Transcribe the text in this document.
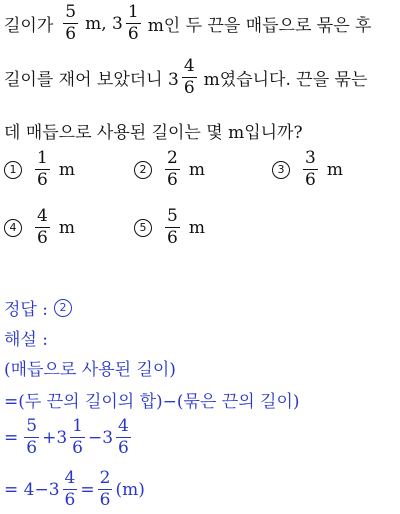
길이가 $\frac{5}{6} m$, $3 \frac{1}{6}$ m인 두 끈을 매듭으로 묶은 후
길이를 재어 보았더니 $3 \frac{4}{6}$ m였습니다. 끈을 묶는
데 매듭으로 사용된 길이는 몇 m입니까?
1	$\frac{1}{6}$ m	2	$\frac{2}{6}$ m	3	$\frac{3}{6}$ m
4	$\frac{4}{6}$ m	5	$\frac{5}{6}$ m
정답 :	2
해설 :
(매듭으로 사용된 길이)
=(두 끈의 길이의 합)−(묶은 끈의 길이)
= $\frac{5}{6} +3 \frac{1}{6} -3 \frac{4}{6}$
= $4-3 \frac{4}{6} = \frac{2}{6} (m)$
